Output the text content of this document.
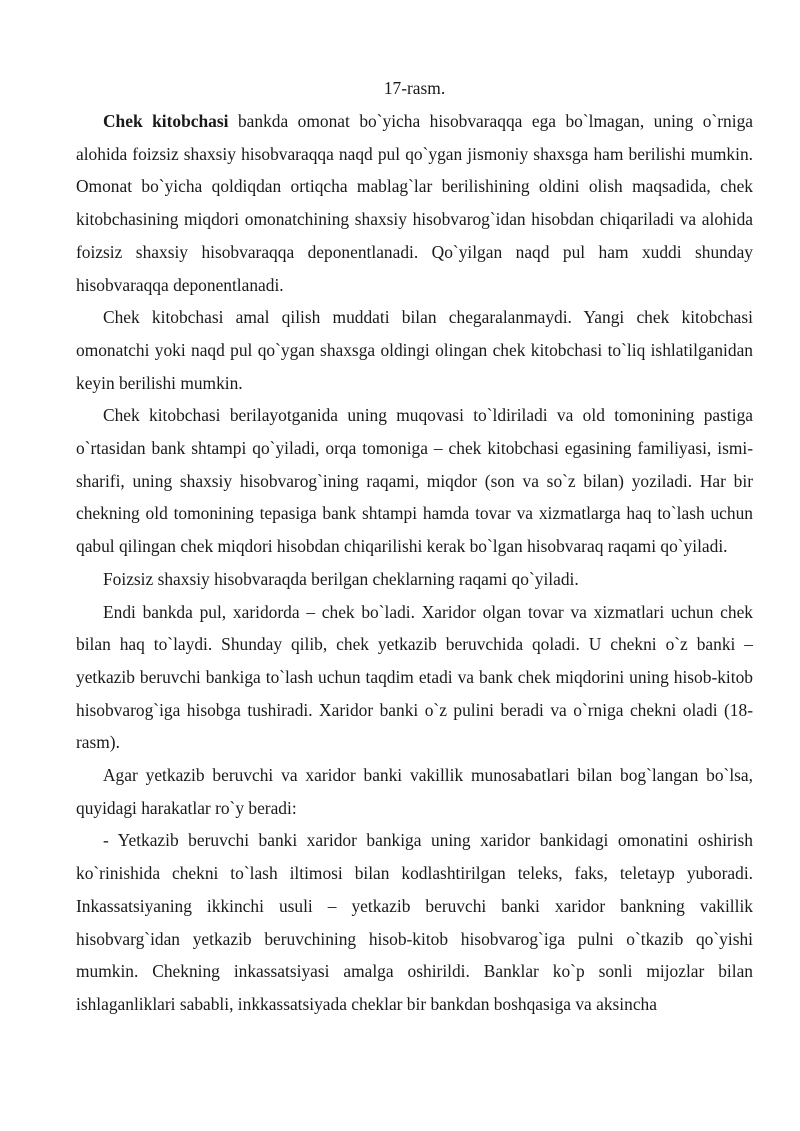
17-rasm.

Chek kitobchasi bankda omonat bo`yicha hisobvaraqqa ega bo`lmagan, uning o`rniga alohida foizsiz shaxsiy hisobvaraqqa naqd pul qo`ygan jismoniy shaxsga ham berilishi mumkin. Omonat bo`yicha qoldiqdan ortiqcha mablag`lar berilishining oldini olish maqsadida, chek kitobchasining miqdori omonatchining shaxsiy hisobvarog`idan hisobdan chiqariladi va alohida foizsiz shaxsiy hisobvaraqqa deponentlanadi. Qo`yilgan naqd pul ham xuddi shunday hisobvaraqqa deponentlanadi.

Chek kitobchasi amal qilish muddati bilan chegaralanmaydi. Yangi chek kitobchasi omonatchi yoki naqd pul qo`ygan shaxsga oldingi olingan chek kitobchasi to`liq ishlatilganidan keyin berilishi mumkin.

Chek kitobchasi berilayotganida uning muqovasi to`ldiriladi va old tomonining pastiga o`rtasidan bank shtampi qo`yiladi, orqa tomoniga – chek kitobchasi egasining familiyasi, ismi-sharifi, uning shaxsiy hisobvarog`ining raqami, miqdor (son va so`z bilan) yoziladi. Har bir chekning old tomonining tepasiga bank shtampi hamda tovar va xizmatlarga haq to`lash uchun qabul qilingan chek miqdori hisobdan chiqarilishi kerak bo`lgan hisobvaraq raqami qo`yiladi.

Foizsiz shaxsiy hisobvaraqda berilgan cheklarning raqami qo`yiladi.

Endi bankda pul, xaridorda – chek bo`ladi. Xaridor olgan tovar va xizmatlari uchun chek bilan haq to`laydi. Shunday qilib, chek yetkazib beruvchida qoladi. U chekni o`z banki – yetkazib beruvchi bankiga to`lash uchun taqdim etadi va bank chek miqdorini uning hisob-kitob hisobvarog`iga hisobga tushiradi. Xaridor banki o`z pulini beradi va o`rniga chekni oladi (18-rasm).

Agar yetkazib beruvchi va xaridor banki vakillik munosabatlari bilan bog`langan bo`lsa, quyidagi harakatlar ro`y beradi:

- Yetkazib beruvchi banki xaridor bankiga uning xaridor bankidagi omonatini oshirish ko`rinishida chekni to`lash iltimosi bilan kodlashtirilgan teleks, faks, teletayp yuboradi. Inkassatsiyaning ikkinchi usuli – yetkazib beruvchi banki xaridor bankning vakillik hisobvarg`idan yetkazib beruvchining hisob-kitob hisobvarog`iga pulni o`tkazib qo`yishi mumkin. Chekning inkassatsiyasi amalga oshirildi. Banklar ko`p sonli mijozlar bilan ishlaganliklari sababli, inkkassatsiyada cheklar bir bankdan boshqasiga va aksincha
